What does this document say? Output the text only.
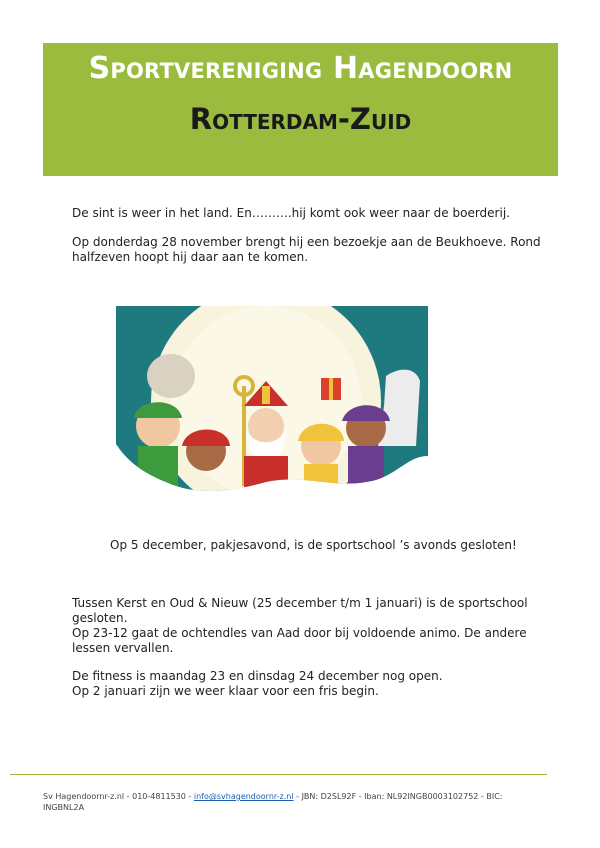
Sportvereniging Hagendoorn
Rotterdam-Zuid
De sint is weer in het land. En……….hij komt ook weer naar de boerderij.
Op donderdag 28 november brengt hij een bezoekje aan de Beukhoeve. Rond halfzeven hoopt hij daar aan te komen.
Op 5 december, pakjesavond, is de sportschool ’s avonds gesloten!
Tussen Kerst en Oud & Nieuw (25 december t/m 1 januari) is de sportschool gesloten.
Op 23-12 gaat de ochtendles van Aad door bij voldoende animo. De andere lessen vervallen.
De fitness is maandag 23 en dinsdag 24 december nog open.
Op 2 januari zijn we weer klaar voor een fris begin.
Sv Hagendoornr-z.nl - 010-4811530 - info@svhagendoornr-z.nl - JBN: D2SL92F - Iban: NL92INGB0003102752 - BIC: INGBNL2A
